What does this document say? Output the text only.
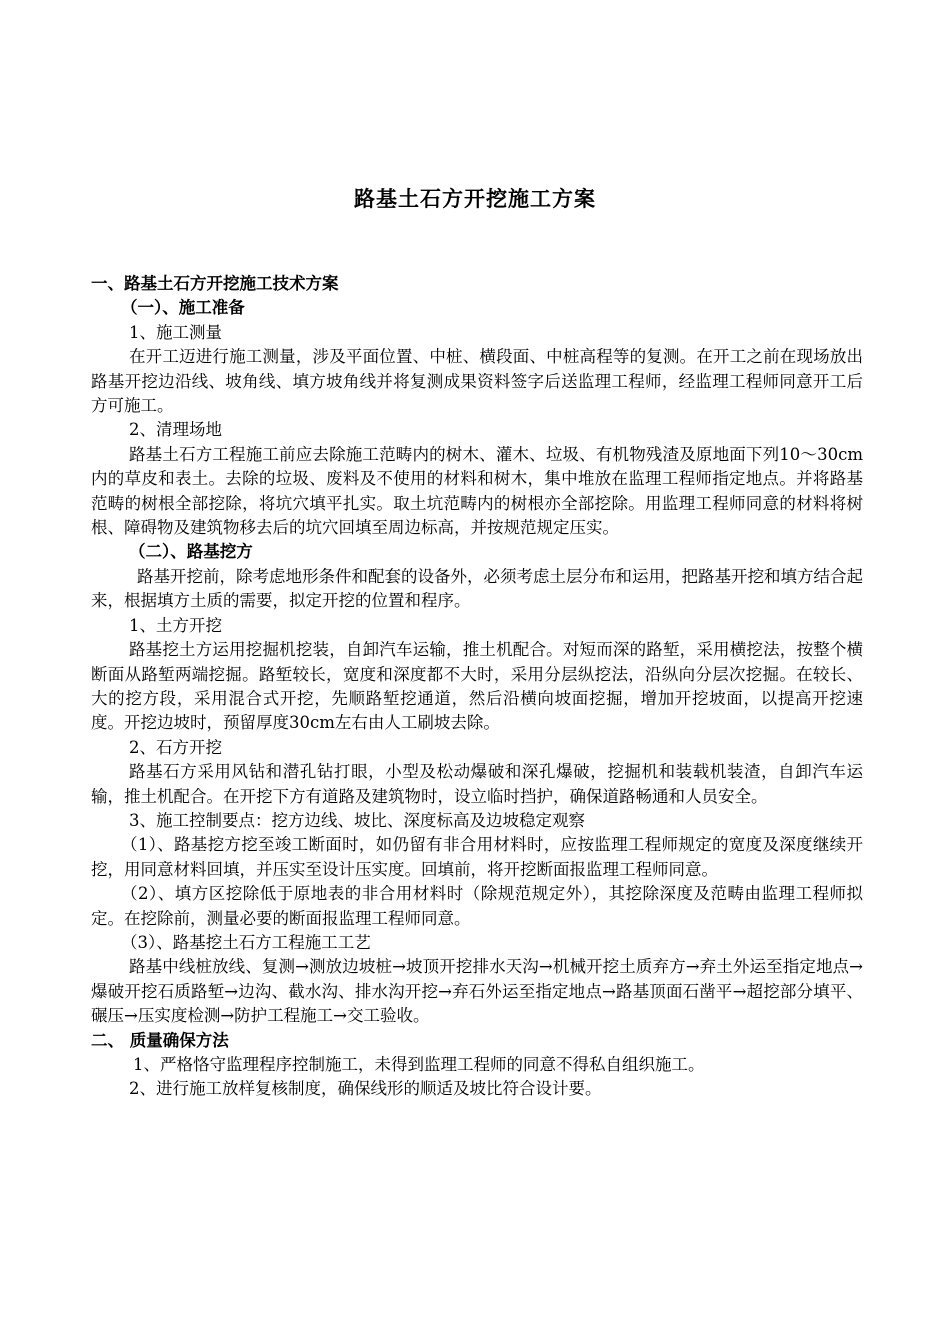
路基土石方开挖施工方案

一、路基土石方开挖施工技术方案

（一）、施工准备

1、施工测量

在开工迈进行施工测量，涉及平面位置、中桩、横段面、中桩高程等的复测。在开工之前在现场放出路基开挖边沿线、坡角线、填方坡角线并将复测成果资料签字后送监理工程师，经监理工程师同意开工后方可施工。

2、清理场地

路基土石方工程施工前应去除施工范畴内的树木、灌木、垃圾、有机物残渣及原地面下列10～30cm内的草皮和表土。去除的垃圾、废料及不使用的材料和树木，集中堆放在监理工程师指定地点。并将路基范畴的树根全部挖除，将坑穴填平扎实。取土坑范畴内的树根亦全部挖除。用监理工程师同意的材料将树根、障碍物及建筑物移去后的坑穴回填至周边标高，并按规范规定压实。

（二）、路基挖方

路基开挖前，除考虑地形条件和配套的设备外，必须考虑土层分布和运用，把路基开挖和填方结合起来，根据填方土质的需要，拟定开挖的位置和程序。

1、土方开挖

路基挖土方运用挖掘机挖装，自卸汽车运输，推土机配合。对短而深的路堑，采用横挖法，按整个横断面从路堑两端挖掘。路堑较长，宽度和深度都不大时，采用分层纵挖法，沿纵向分层次挖掘。在较长、大的挖方段，采用混合式开挖，先顺路堑挖通道，然后沿横向坡面挖掘，增加开挖坡面，以提高开挖速度。开挖边坡时，预留厚度30cm左右由人工刷坡去除。

2、石方开挖

路基石方采用风钻和潜孔钻打眼，小型及松动爆破和深孔爆破，挖掘机和装载机装渣，自卸汽车运输，推土机配合。在开挖下方有道路及建筑物时，设立临时挡护，确保道路畅通和人员安全。

3、施工控制要点：挖方边线、坡比、深度标高及边坡稳定观察

（1）、路基挖方挖至竣工断面时，如仍留有非合用材料时，应按监理工程师规定的宽度及深度继续开挖，用同意材料回填，并压实至设计压实度。回填前，将开挖断面报监理工程师同意。

（2）、填方区挖除低于原地表的非合用材料时（除规范规定外），其挖除深度及范畴由监理工程师拟定。在挖除前，测量必要的断面报监理工程师同意。

（3）、路基挖土石方工程施工工艺

路基中线桩放线、复测→测放边坡桩→坡顶开挖排水天沟→机械开挖土质弃方→弃土外运至指定地点→爆破开挖石质路堑→边沟、截水沟、排水沟开挖→弃石外运至指定地点→路基顶面石凿平→超挖部分填平、碾压→压实度检测→防护工程施工→交工验收。

二、 质量确保方法

1、严格恪守监理程序控制施工，未得到监理工程师的同意不得私自组织施工。

2、进行施工放样复核制度，确保线形的顺适及坡比符合设计要。
